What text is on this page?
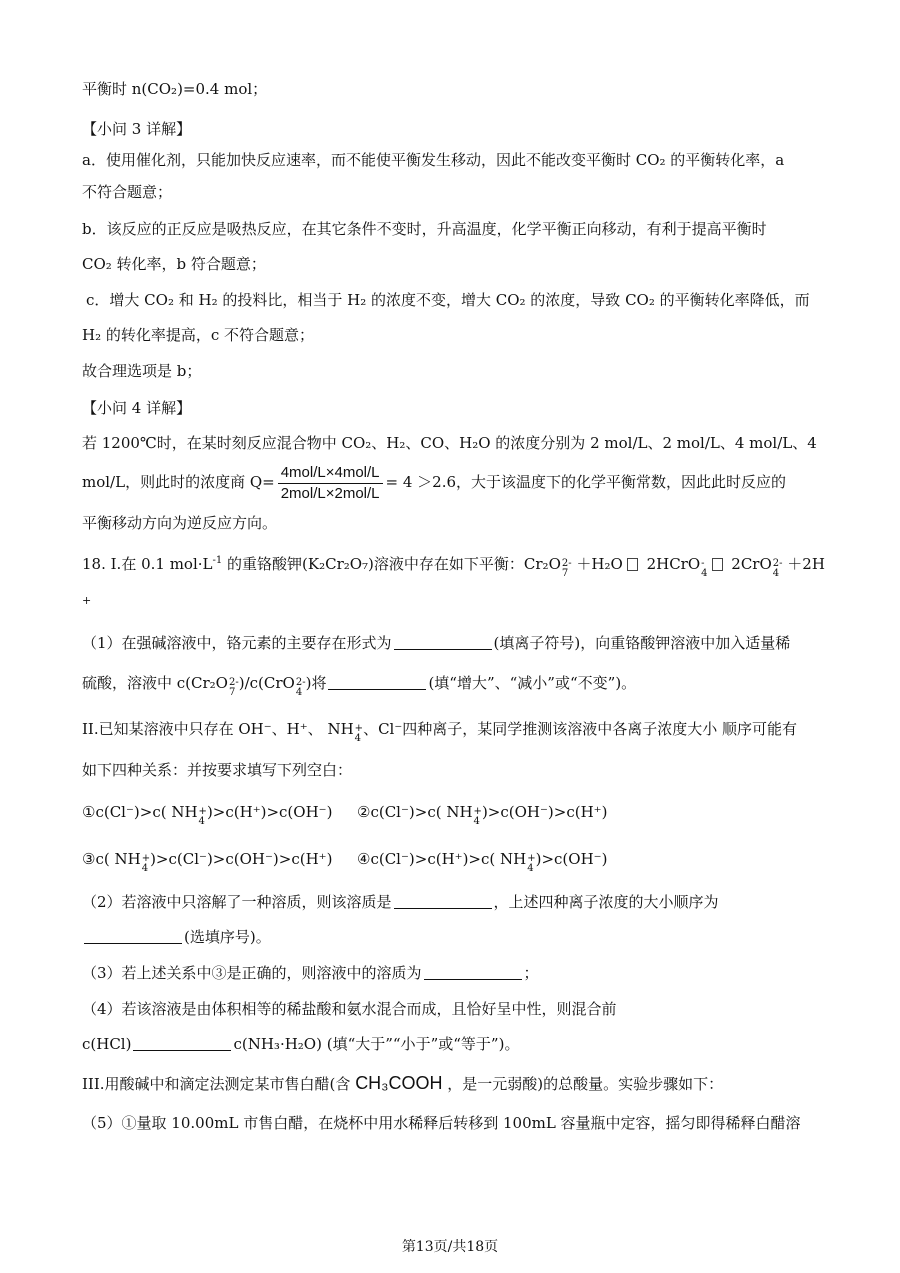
平衡时 n(CO₂)=0.4 mol；
【小问 3 详解】
a．使用催化剂，只能加快反应速率，而不能使平衡发生移动，因此不能改变平衡时 CO₂ 的平衡转化率，a
不符合题意；
b．该反应的正反应是吸热反应，在其它条件不变时，升高温度，化学平衡正向移动，有利于提高平衡时
CO₂ 转化率，b 符合题意；
c．增大 CO₂ 和 H₂ 的投料比，相当于 H₂ 的浓度不变，增大 CO₂ 的浓度，导致 CO₂ 的平衡转化率降低，而
H₂ 的转化率提高，c 不符合题意；
故合理选项是 b；
【小问 4 详解】
若 1200℃时，在某时刻反应混合物中 CO₂、H₂、CO、H₂O 的浓度分别为 2 mol/L、2 mol/L、4 mol/L、4
mol/L，则此时的浓度商 $Q= \frac{\text{4mol/L×4mol/L}}{\text{2mol/L×2mol/L}} = 4 >2.6$，大于该温度下的化学平衡常数，因此此时反应的
平衡移动方向为逆反应方向。
18. I.在 0.1 $mol\cdot L^{-1}$ 的重铬酸钾(K₂Cr₂O₇)溶液中存在如下平衡：Cr₂O 2-
7
＋H₂O 2HCrO -
4
2CrO 2-
4
＋2H
+
（1）在强碱溶液中，铬元素的主要存在形式为	(填离子符号)，向重铬酸钾溶液中加入适量稀
硫酸，溶液中 c(Cr₂O 2-
7
)/c(CrO 2-
4
)将	(填“增大”、“减小”或“不变”)。
II.已知某溶液中只存在 OH⁻、H⁺、 NH +
4
、Cl⁻四种离子，某同学推测该溶液中各离子浓度大小 顺序可能有
如下四种关系：并按要求填写下列空白：
①c(Cl⁻)>c( NH +
4
)>c(H⁺)>c(OH⁻)	②c(Cl⁻)>c( NH +
4
)>c(OH⁻)>c(H⁺)
③c( NH +
4
)>c(Cl⁻)>c(OH⁻)>c(H⁺)	④c(Cl⁻)>c(H⁺)>c( NH +
4
)>c(OH⁻)
（2）若溶液中只溶解了一种溶质，则该溶质是	，上述四种离子浓度的大小顺序为
(选填序号)。
（3）若上述关系中③是正确的，则溶液中的溶质为	；
（4）若该溶液是由体积相等的稀盐酸和氨水混合而成，且恰好呈中性，则混合前
c(HCl)	c(NH₃·H₂O) (填“大于”“小于”或“等于”)。
III.用酸碱中和滴定法测定某市售白醋(含 CH₃COOH ，是一元弱酸)的总酸量。实验步骤如下：
（5）①量取 10.00mL 市售白醋，在烧杯中用水稀释后转移到 100mL 容量瓶中定容，摇匀即得稀释白醋溶
第13页/共18页
